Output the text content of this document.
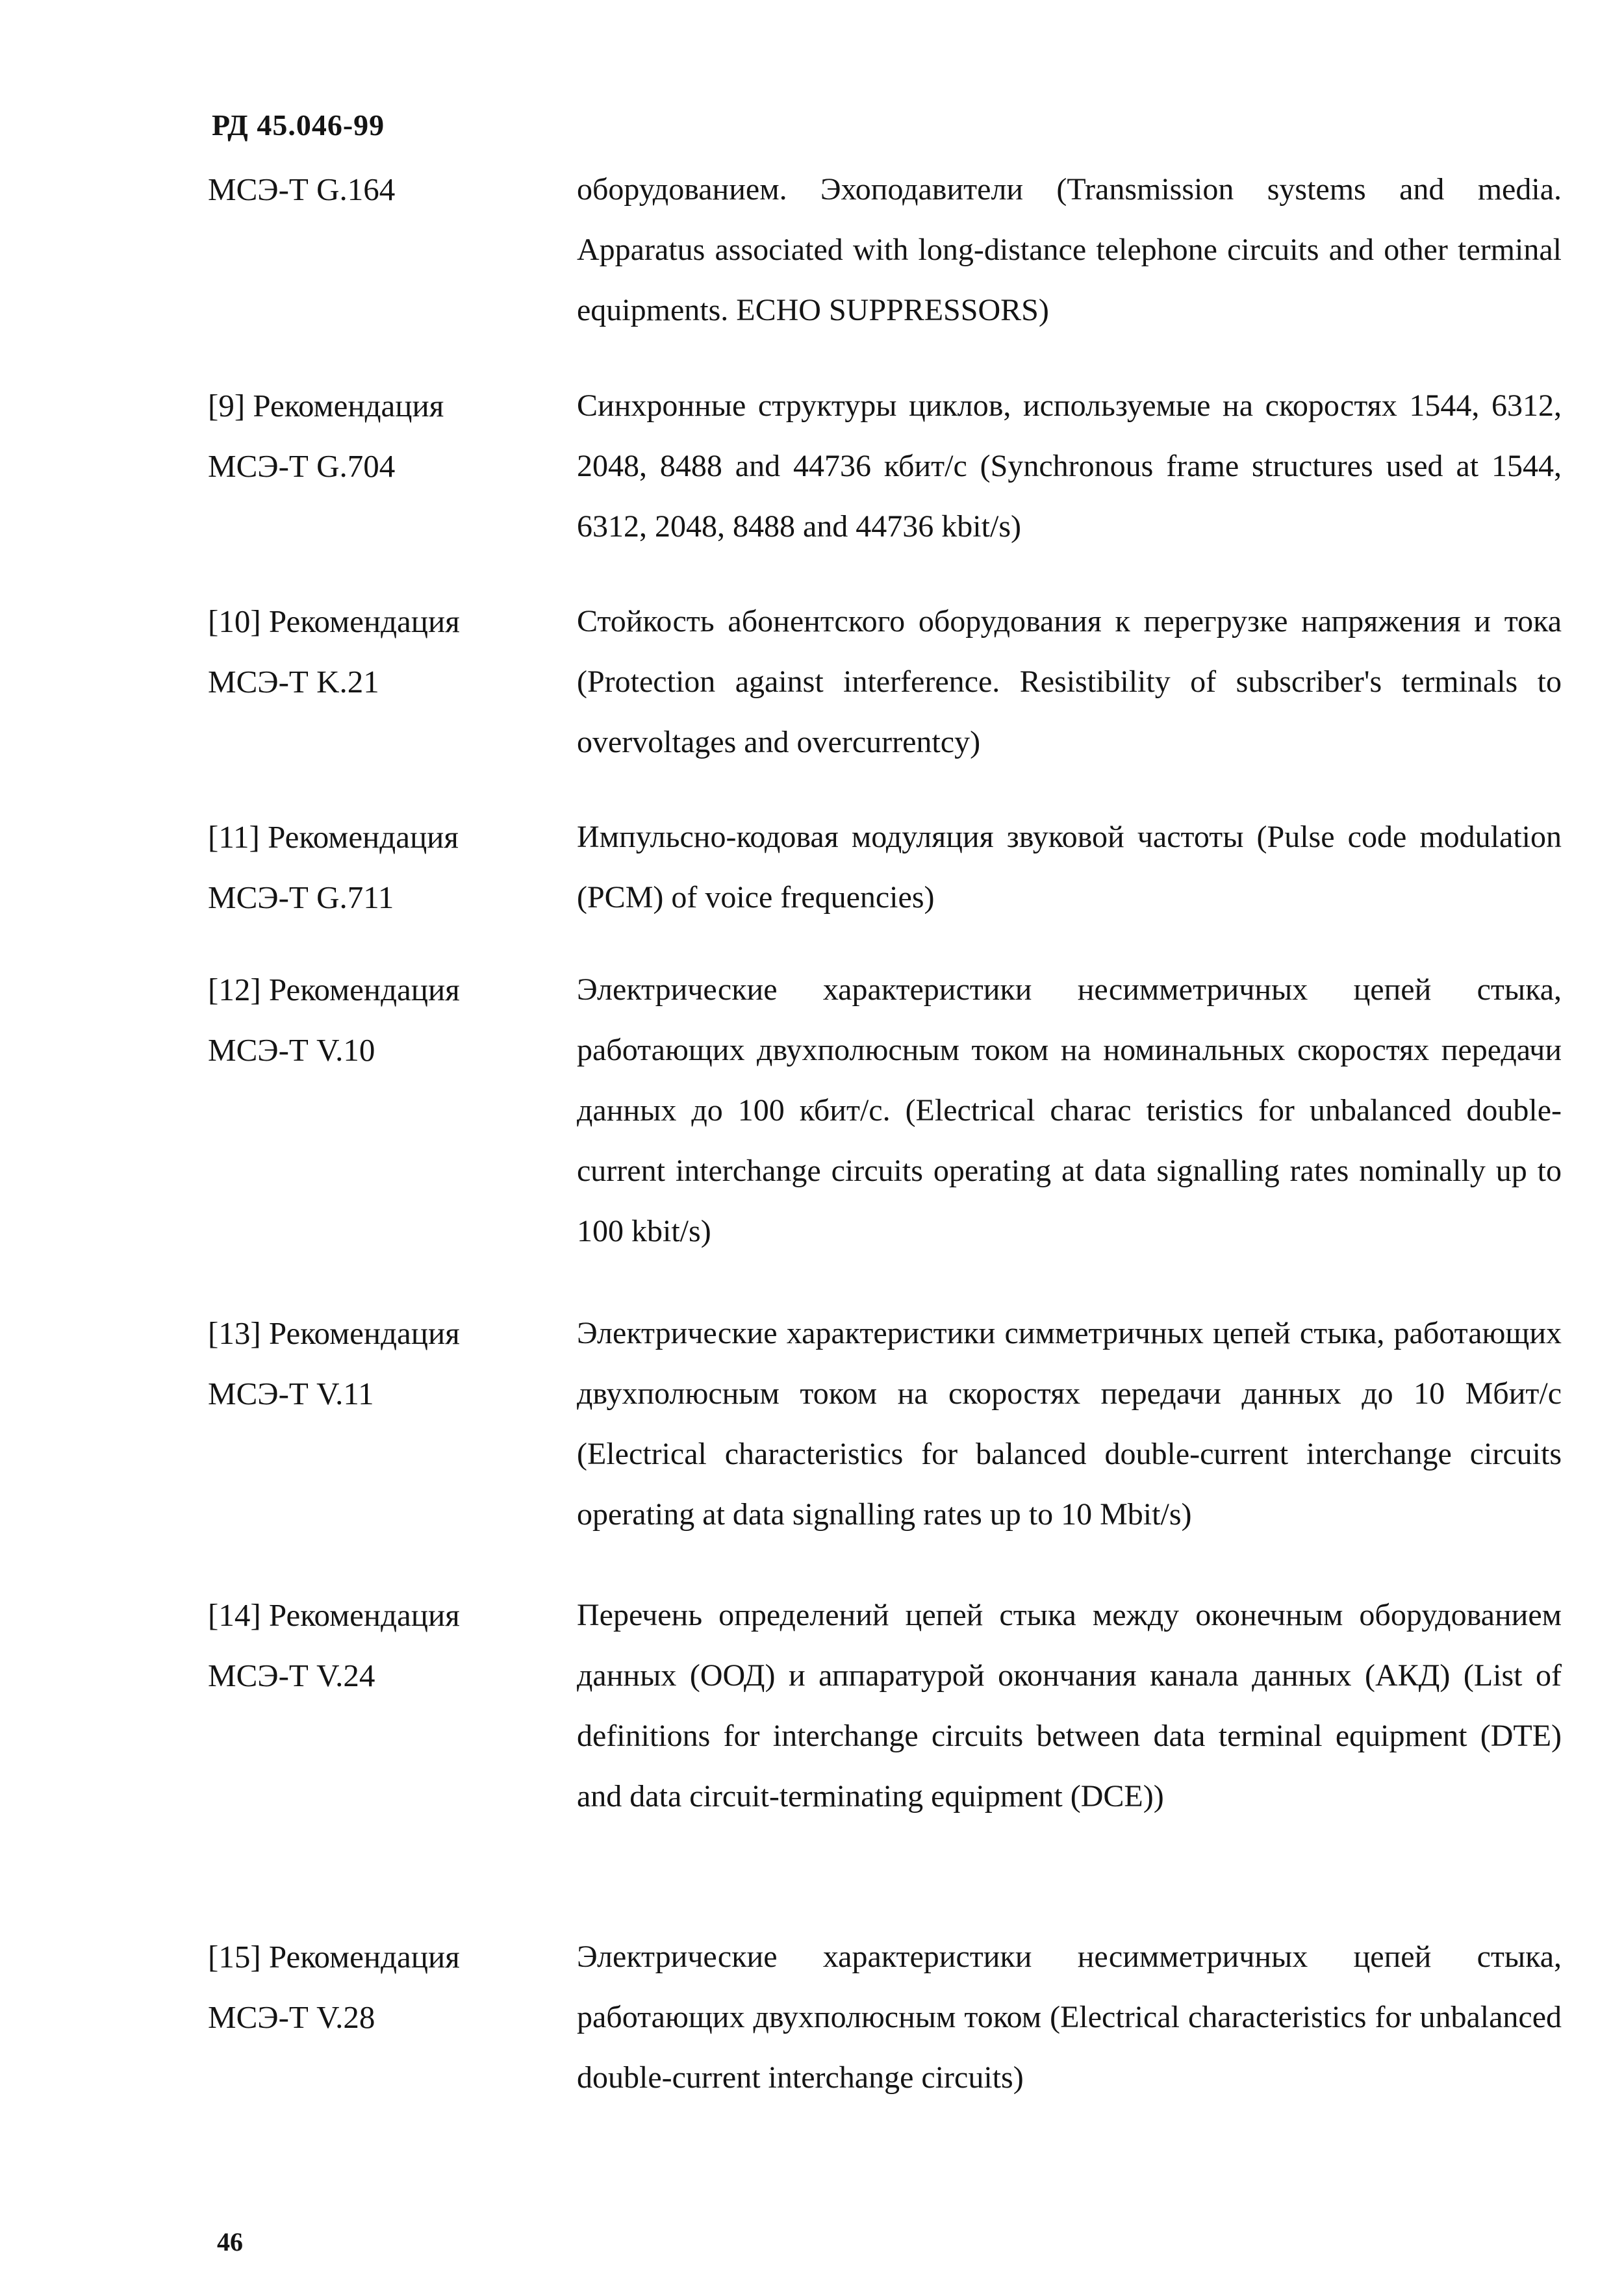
РД 45.046-99
МСЭ-Т G.164	оборудованием. Эхоподавители (Transmission systems and media. Apparatus associated with long-distance telephone circuits and other terminal equipments. ECHO SUPPRESSORS)
[9] Рекомендация
МСЭ-Т G.704
Синхронные структуры циклов, используемые на скоростях 1544, 6312, 2048, 8488 and 44736 кбит/с (Synchronous frame structures used at 1544, 6312, 2048, 8488 and 44736 kbit/s)
[10] Рекомендация
МСЭ-Т K.21
Стойкость абонентского оборудования к перегрузке напряжения и тока (Protection against interference. Resistibility of subscriber's terminals to overvoltages and overcurrentcy)
[11] Рекомендация
МСЭ-Т G.711
Импульсно-кодовая модуляция звуковой частоты (Pulse code modulation (PCM) of voice frequencies)
[12] Рекомендация
МСЭ-Т V.10
Электрические характеристики несимметричных цепей стыка, работающих двухполюсным током на номинальных скоростях передачи данных до 100 кбит/с. (Electrical charac teristics for unbalanced double-current interchange circuits operating at data signalling rates nominally up to 100 kbit/s)
[13] Рекомендация
МСЭ-Т V.11
Электрические характеристики симметричных цепей стыка, работающих двухполюсным током на скоростях передачи данных до 10 Мбит/с (Electrical characteristics for balanced double-current interchange circuits operating at data signalling rates up to 10 Mbit/s)
[14] Рекомендация
МСЭ-Т V.24
Перечень определений цепей стыка между оконечным оборудованием данных (ООД) и аппаратурой окончания канала данных (АКД) (List of definitions for interchange circuits between data terminal equipment (DTE) and data circuit-terminating equipment (DCE))
[15] Рекомендация
МСЭ-Т V.28
Электрические характеристики несимметричных цепей стыка, работающих двухполюсным током (Electrical characteristics for unbalanced double-current interchange circuits)
46
